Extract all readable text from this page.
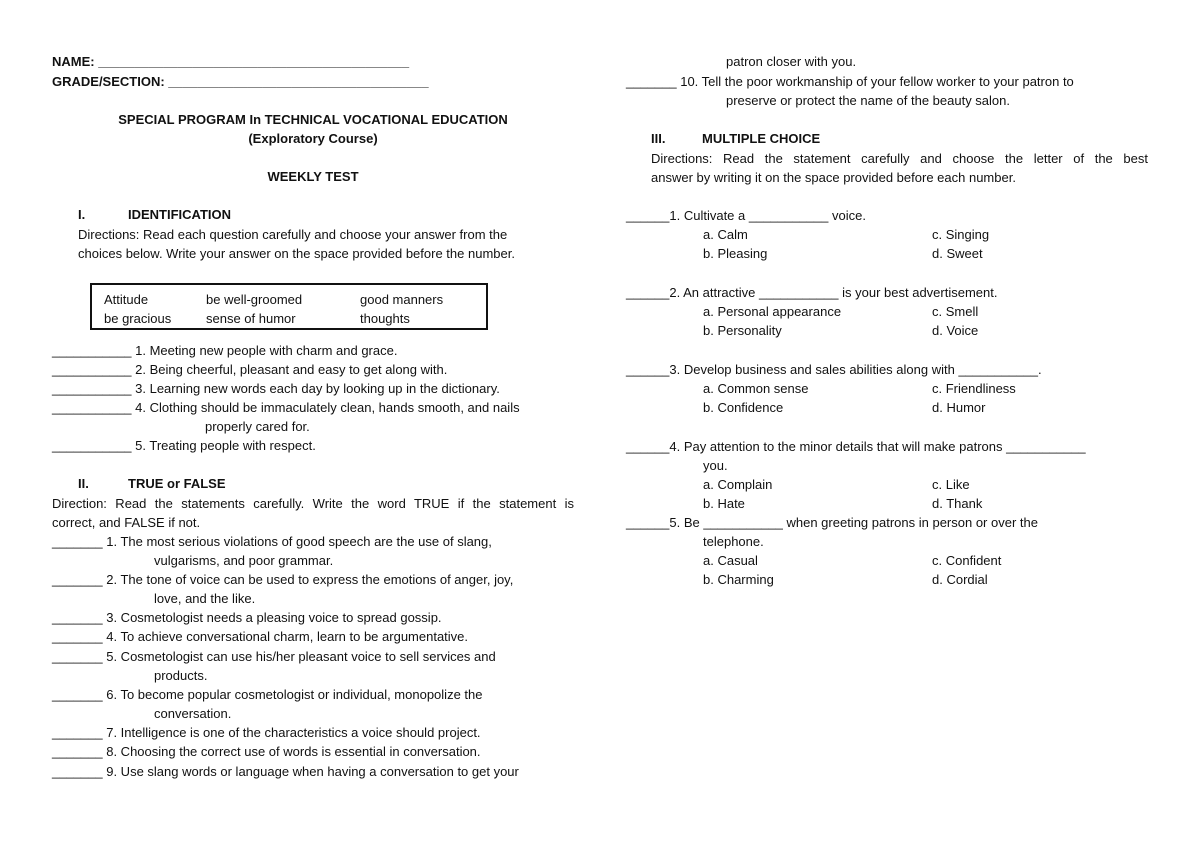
NAME: ___________________________________________
GRADE/SECTION: ____________________________________
SPECIAL PROGRAM In TECHNICAL VOCATIONAL EDUCATION
(Exploratory Course)
WEEKLY TEST
I.	IDENTIFICATION
Directions: Read each question carefully and choose your answer from the
choices below. Write your answer on the space provided before the number.
Attitude	be well-groomed	good manners
be gracious	sense of humor	thoughts
___________ 1. Meeting new people with charm and grace.
___________ 2. Being cheerful, pleasant and easy to get along with.
___________ 3. Learning new words each day by looking up in the dictionary.
___________ 4. Clothing should be immaculately clean, hands smooth, and nails
properly cared for.
___________ 5. Treating people with respect.
II.	TRUE or FALSE
Direction: Read the statements carefully. Write the word TRUE if the statement is
correct, and FALSE if not.
_______ 1. The most serious violations of good speech are the use of slang,
vulgarisms, and poor grammar.
_______ 2. The tone of voice can be used to express the emotions of anger, joy,
love, and the like.
_______ 3. Cosmetologist needs a pleasing voice to spread gossip.
_______ 4. To achieve conversational charm, learn to be argumentative.
_______ 5. Cosmetologist can use his/her pleasant voice to sell services and
products.
_______ 6. To become popular cosmetologist or individual, monopolize the
conversation.
_______ 7. Intelligence is one of the characteristics a voice should project.
_______ 8. Choosing the correct use of words is essential in conversation.
_______ 9. Use slang words or language when having a conversation to get your
patron closer with you.
_______ 10. Tell the poor workmanship of your fellow worker to your patron to
preserve or protect the name of the beauty salon.
III.	MULTIPLE CHOICE
Directions: Read the statement carefully and choose the letter of the best
answer by writing it on the space provided before each number.
______1. Cultivate a ___________ voice.
a. Calm	c. Singing
b. Pleasing	d. Sweet
______2. An attractive ___________ is your best advertisement.
a. Personal appearance	c. Smell
b. Personality	d. Voice
______3. Develop business and sales abilities along with ___________.
a. Common sense	c. Friendliness
b. Confidence	d. Humor
______4. Pay attention to the minor details that will make patrons ___________
you.
a. Complain	c. Like
b. Hate	d. Thank
______5. Be ___________ when greeting patrons in person or over the
telephone.
a. Casual	c. Confident
b. Charming	d. Cordial
